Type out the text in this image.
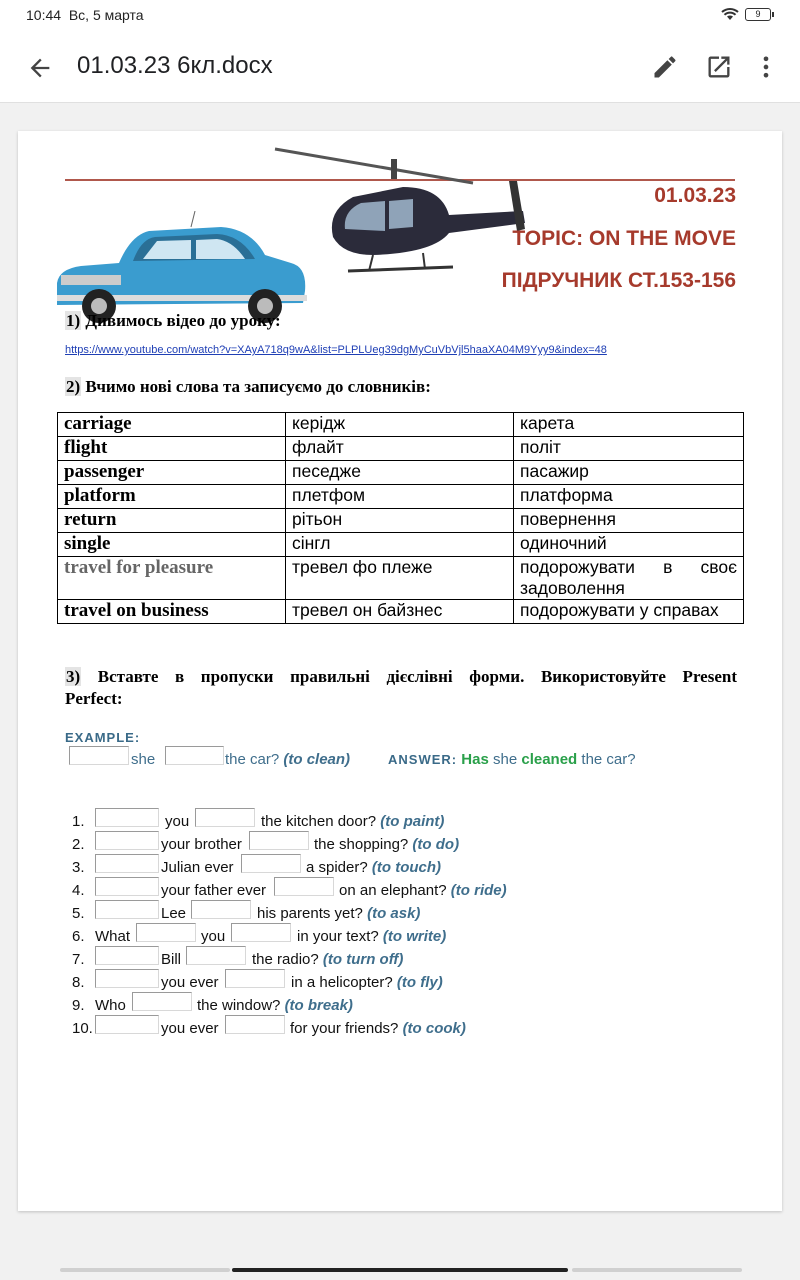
10:44 Вс, 5 марта	9
01.03.23 6кл.docx
01.03.23
TOPIC: ON THE MOVE
ПІДРУЧНИК СТ.153-156
1) Дивимось відео до уроку:
https://www.youtube.com/watch?v=XAyA718q9wA&list=PLPLUeg39dgMyCuVbVjl5haaXA04M9Yyy9&index=48
2) Вчимо нові слова та записуємо до словників:
carriage	керідж	карета
flight	флайт	політ
passenger	песедже	пасажир
platform	плетфом	платформа
return	рітьон	повернення
single	сінгл	одиночний
travel for pleasure	тревел фо плеже	подорожувати в своє
задоволення

travel on business	тревел он байзнес	подорожувати у справах
3) Вставте в пропуски правильні дієслівні форми. Використовуйте Present
Perfect:
EXAMPLE:
she	the car? (to clean)	ANSWER: Has she cleaned the car?
1.	you	the kitchen door? (to paint)
2.	your brother	the shopping? (to do)
3.	Julian ever	a spider? (to touch)
4.	your father ever	on an elephant? (to ride)
5.	Lee	his parents yet? (to ask)
6. What	you	in your text? (to write)
7.	Bill	the radio? (to turn off)
8.	you ever	in a helicopter? (to fly)
9. Who	the window? (to break)
10.	you ever	for your friends? (to cook)
